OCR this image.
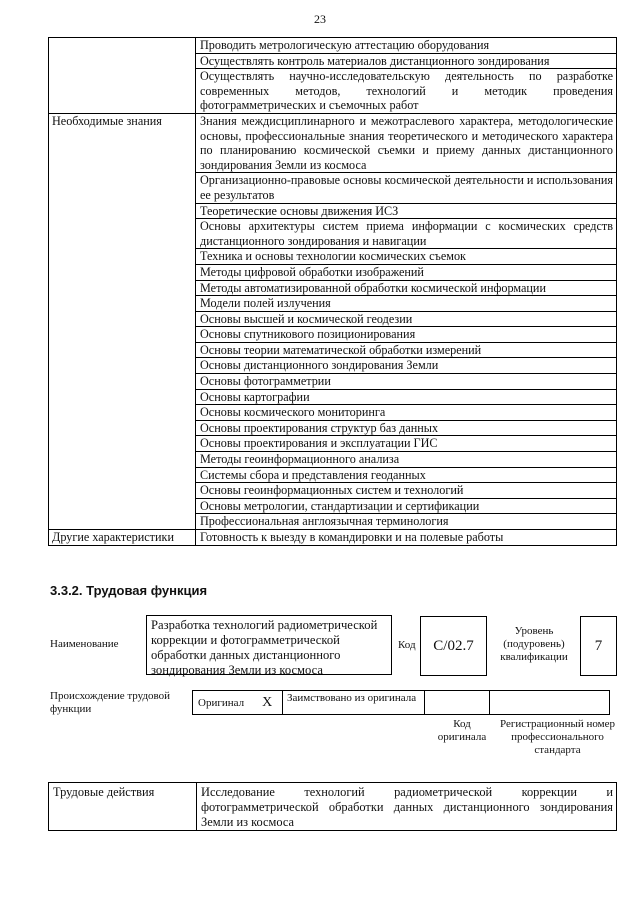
23
	Проводить метрологическую аттестацию оборудования
	Осуществлять контроль материалов дистанционного зондирования
	Осуществлять научно-исследовательскую деятельность по разработке современных методов, технологий и методик проведения фотограмметрических и съемочных работ
Необходимые знания	Знания междисциплинарного и межотраслевого характера, методологические основы, профессиональные знания теоретического и методического характера по планированию космической съемки и приему данных дистанционного зондирования Земли из космоса
	Организационно-правовые основы космической деятельности и использования ее результатов
	Теоретические основы движения ИСЗ
	Основы архитектуры систем приема информации с космических средств дистанционного зондирования и навигации
	Техника и основы технологии космических съемок
	Методы цифровой обработки изображений
	Методы автоматизированной обработки космической информации
	Модели полей излучения
	Основы высшей и космической геодезии
	Основы спутникового позиционирования
	Основы теории математической обработки измерений
	Основы дистанционного зондирования Земли
	Основы фотограмметрии
	Основы картографии
	Основы космического мониторинга
	Основы проектирования структур баз данных
	Основы проектирования и эксплуатации ГИС
	Методы геоинформационного анализа
	Системы сбора и представления геоданных
	Основы геоинформационных систем и технологий
	Основы метрологии, стандартизации и сертификации
	Профессиональная англоязычная терминология
Другие характеристики	Готовность к выезду в командировки и на полевые работы
3.3.2. Трудовая функция
Наименование
Разработка технологий радиометрической коррекции и фотограмметрической обработки данных дистанционного зондирования Земли из космоса
Код	С/02.7
Уровень (подуровень) квалификации
7
Происхождение трудовой функции
Оригинал X	Заимствовано из оригинала
Код оригинала
Регистрационный номер профессионального стандарта
Трудовые действия	Исследование технологий радиометрической коррекции и фотограмметрической обработки данных дистанционного зондирования Земли из космоса
